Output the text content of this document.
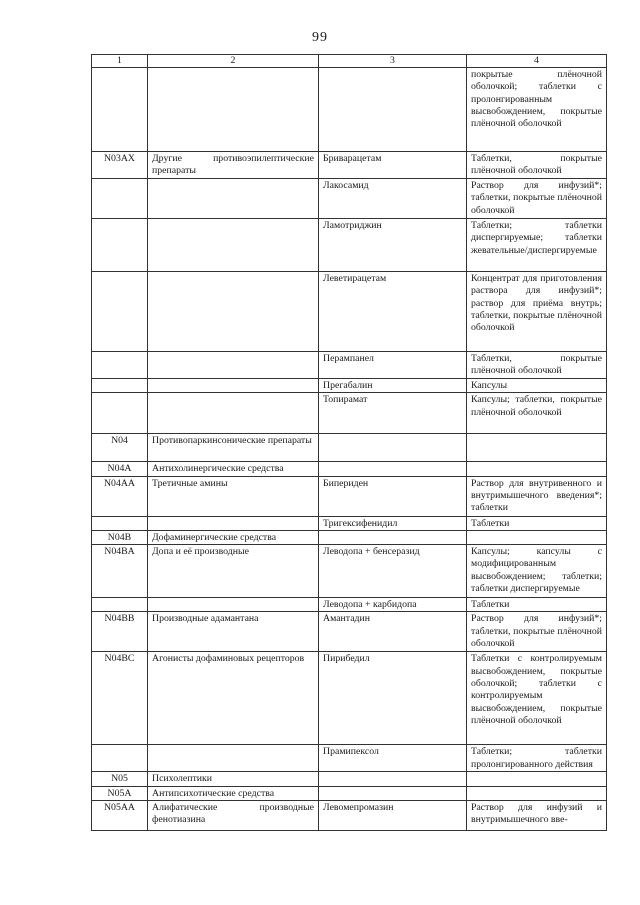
99
1	2	3	4
			покрытые плёночной оболочкой; таблетки с пролонгированным высвобождением, покрытые плёночной оболочкой
N03AX	Другие противоэпилептические препараты	Бриварацетам	Таблетки, покрытые плёночной оболочкой
		Лакосамид	Раствор для инфузий*; таблетки, покрытые плёночной оболочкой
		Ламотриджин	Таблетки; таблетки диспергируемые; таблетки жевательные/диспергируемые
		Леветирацетам	Концентрат для приготовления раствора для инфузий*; раствор для приёма внутрь; таблетки, покрытые плёночной оболочкой
		Перампанел	Таблетки, покрытые плёночной оболочкой
		Прегабалин	Капсулы
		Топирамат	Капсулы; таблетки, покрытые плёночной оболочкой
N04	Противопаркинсонические препараты		
N04A	Антихолинергические средства		
N04AA	Третичные амины	Бипериден	Раствор для внутривенного и внутримышечного введения*; таблетки
		Тригексифенидил	Таблетки
N04B	Дофаминергические средства		
N04BA	Допа и её производные	Леводопа + бенсеразид	Капсулы; капсулы с модифицированным высвобождением; таблетки; таблетки диспергируемые
		Леводопа + карбидопа	Таблетки
N04BB	Производные адамантана	Амантадин	Раствор для инфузий*; таблетки, покрытые плёночной оболочкой
N04BC	Агонисты дофаминовых рецепторов	Пирибедил	Таблетки с контролируемым высвобождением, покрытые оболочкой; таблетки с контролируемым высвобождением, покрытые плёночной оболочкой
		Прамипексол	Таблетки; таблетки пролонгированного действия
N05	Психолептики		
N05A	Антипсихотические средства		
N05AA	Алифатические производные фенотиазина	Левомепромазин	Раствор для инфузий и внутримышечного вве-
